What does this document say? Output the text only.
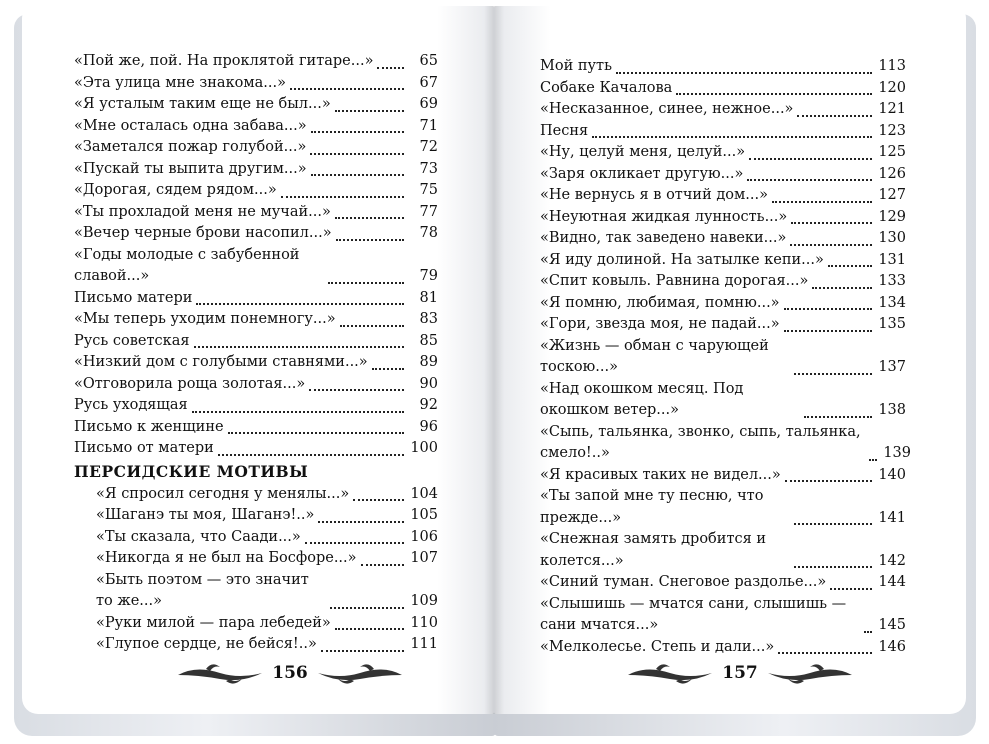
«Пой же, пой. На проклятой гитаре...»	65
«Эта улица мне знакома...»	67
«Я усталым таким еще не был...»	69
«Мне осталась одна забава...»	71
«Заметался пожар голубой...»	72
«Пускай ты выпита другим...»	73
«Дорогая, сядем рядом...»	75
«Ты прохладой меня не мучай...»	77
«Вечер черные брови насопил...»	78
«Годы молодые с забубенной славой...»	79
Письмо матери	81
«Мы теперь уходим понемногу...»	83
Русь советская	85
«Низкий дом с голубыми ставнями...»	89
«Отговорила роща золотая...»	90
Русь уходящая	92
Письмо к женщине	96
Письмо от матери	100
ПЕРСИДСКИЕ МОТИВЫ
«Я спросил сегодня у менялы...»	104
«Шаганэ ты моя, Шаганэ!..»	105
«Ты сказала, что Саади...»	106
«Никогда я не был на Босфоре...»	107
«Быть поэтом — это значит то же...»	109
«Руки милой — пара лебедей»	110
«Глупое сердце, не бейся!..»	111
Мой путь	113
Собаке Качалова	120
«Несказанное, синее, нежное...»	121
Песня	123
«Ну, целуй меня, целуй...»	125
«Заря окликает другую...»	126
«Не вернусь я в отчий дом...»	127
«Неуютная жидкая лунность...»	129
«Видно, так заведено навеки...»	130
«Я иду долиной. На затылке кепи...»	131
«Спит ковыль. Равнина дорогая...»	133
«Я помню, любимая, помню...»	134
«Гори, звезда моя, не падай...»	135
«Жизнь — обман с чарующей тоскою...»	137
«Над окошком месяц. Под окошком ветер...»	138
«Сыпь, тальянка, звонко, сыпь, тальянка, смело!..»	139
«Я красивых таких не видел...»	140
«Ты запой мне ту песню, что прежде...»	141
«Снежная замять дробится и колется...»	142
«Синий туман. Снеговое раздолье...»	144
«Слышишь — мчатся сани, слышишь — сани мчатся...»	145
«Мелколесье. Степь и дали...»	146
156	157
